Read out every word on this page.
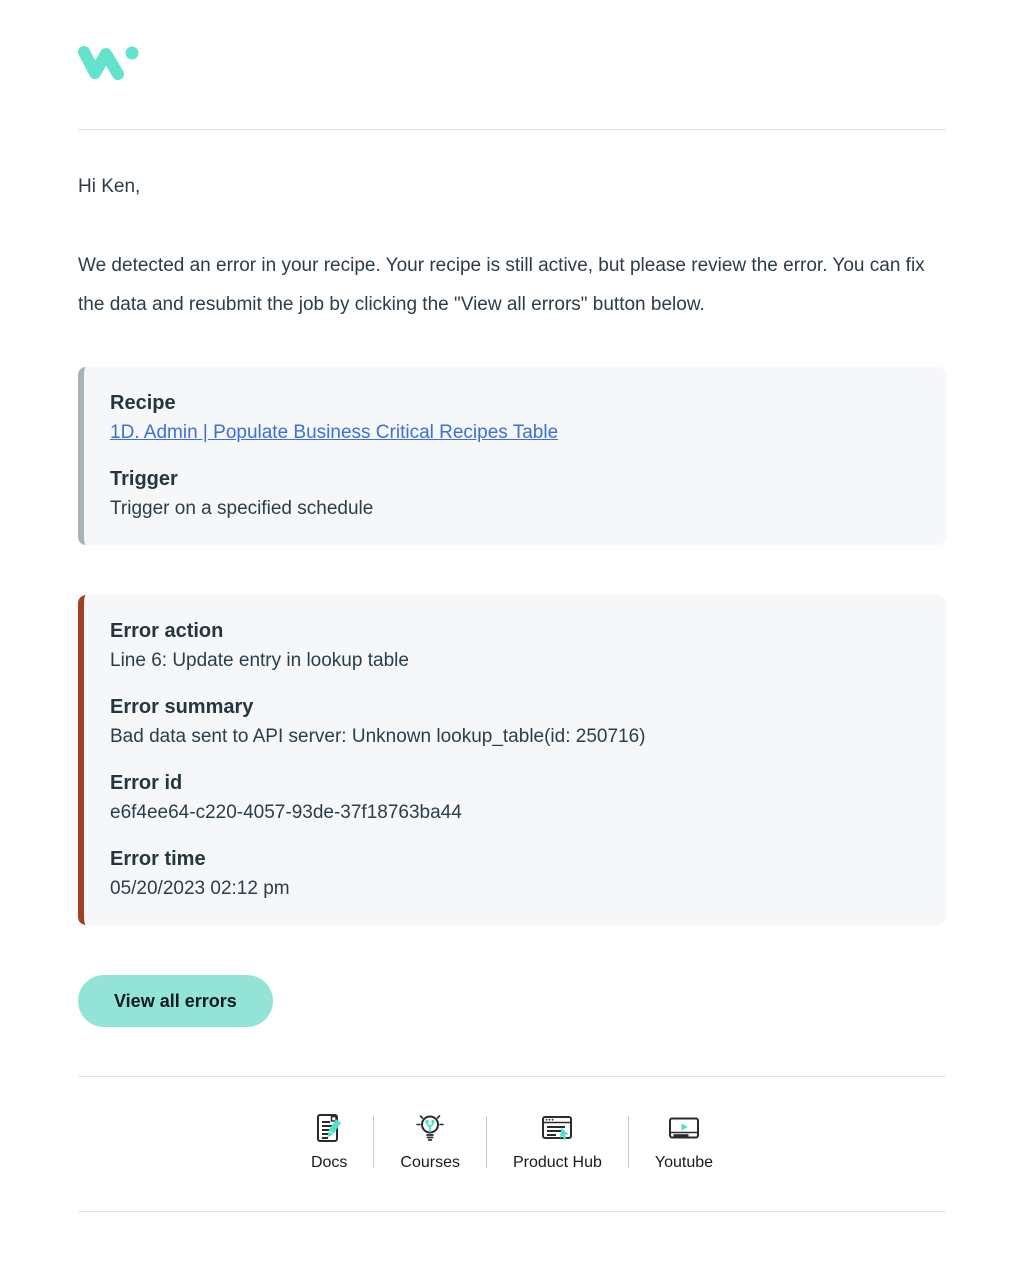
Hi Ken,

We detected an error in your recipe. Your recipe is still active, but please review the error. You can fix the data and resubmit the job by clicking the "View all errors" button below.

Recipe
1D. Admin | Populate Business Critical Recipes Table
Trigger
Trigger on a specified schedule
Error action
Line 6: Update entry in lookup table
Error summary
Bad data sent to API server: Unknown lookup_table(id: 250716)
Error id
e6f4ee64-c220-4057-93de-37f18763ba44
Error time
05/20/2023 02:12 pm
View all errors
Docs	Courses	Product Hub	Youtube
